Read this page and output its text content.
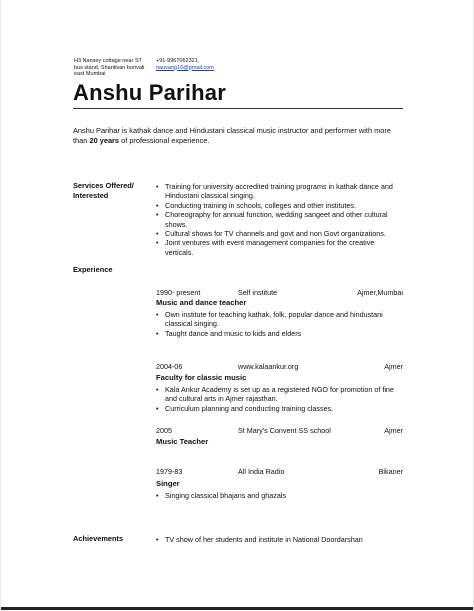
H3 Nansey cottage near ST
bus stand, Shantivan borivali
east Mumbai
+91-9967062321,
nauvang16@gmail.com
Anshu Parihar
Anshu Parihar is kathak dance and Hindustani classical music instructor and performer with more than 20 years of professional experience.
Services Offered/
Interested
• Training for university accredited training programs in kathak dance and Hindustani classical singing.
• Conducting training in schools, colleges and other institutes.
• Choreography for annual function, wedding sangeet and other cultural shows.
• Cultural shows for TV channels and govt and non Govt organizations.
• Joint ventures with event management companies for the creative verticals.
Experience
1990- present	Self institute	Ajmer,Mumbai
Music and dance teacher
• Own institute for teaching kathak, folk, popular dance and hindustani classical singing.
• Taught dance and music to kids and elders
2004-06	www.kalaankur.org	Ajmer
Faculty for classic music
• Kala Ankur Academy is set up as a registered NGO for promotion of fine and cultural arts in Ajmer rajasthan.
• Curriculum planning and conducting training classes.
2005	St Mary's Convent SS school	Ajmer
Music Teacher
1979-83	All India Radio	Bikaner
Singer
• Singing classical bhajans and ghazals
Achievements
•	TV show of her students and institute in National Doordarshan
